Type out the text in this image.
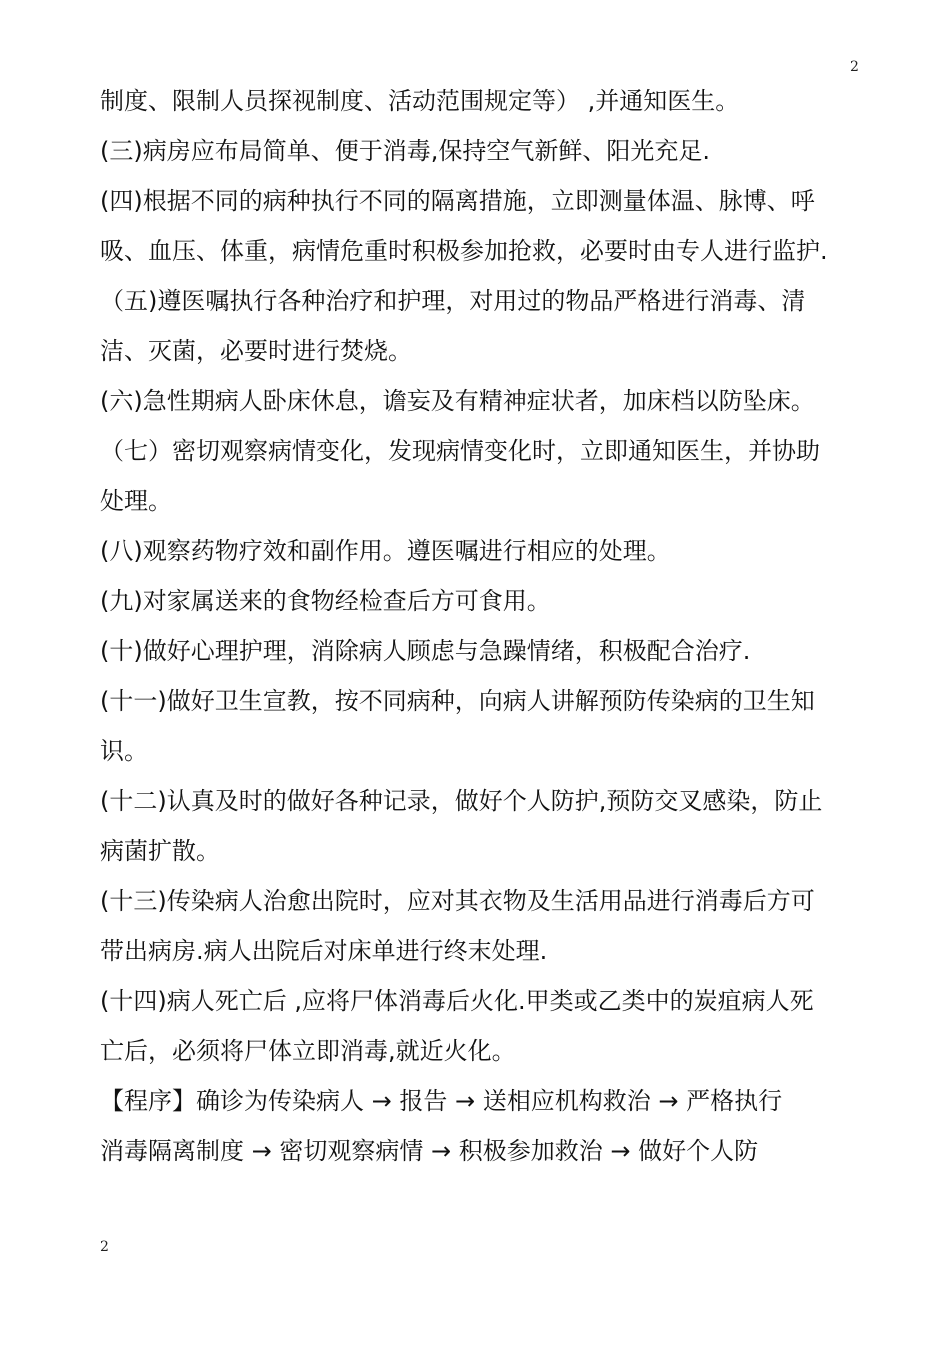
2
制度、限制人员探视制度、活动范围规定等） ,并通知医生。
(三)病房应布局简单、便于消毒,保持空气新鲜、阳光充足.
(四)根据不同的病种执行不同的隔离措施，立即测量体温、脉博、呼
吸、血压、体重，病情危重时积极参加抢救，必要时由专人进行监护.
（五)遵医嘱执行各种治疗和护理，对用过的物品严格进行消毒、清
洁、灭菌，必要时进行焚烧。
(六)急性期病人卧床休息，谵妄及有精神症状者，加床档以防坠床。
（七）密切观察病情变化，发现病情变化时，立即通知医生，并协助
处理。
(八)观察药物疗效和副作用。遵医嘱进行相应的处理。
(九)对家属送来的食物经检查后方可食用。
(十)做好心理护理，消除病人顾虑与急躁情绪，积极配合治疗.
(十一)做好卫生宣教，按不同病种，向病人讲解预防传染病的卫生知
识。
(十二)认真及时的做好各种记录，做好个人防护,预防交叉感染，防止
病菌扩散。
(十三)传染病人治愈出院时，应对其衣物及生活用品进行消毒后方可
带出病房.病人出院后对床单进行终末处理.
(十四)病人死亡后 ,应将尸体消毒后火化.甲类或乙类中的炭疽病人死
亡后，必须将尸体立即消毒,就近火化。
【程序】确诊为传染病人 → 报告 → 送相应机构救治 → 严格执行
消毒隔离制度 → 密切观察病情 → 积极参加救治 → 做好个人防
2
